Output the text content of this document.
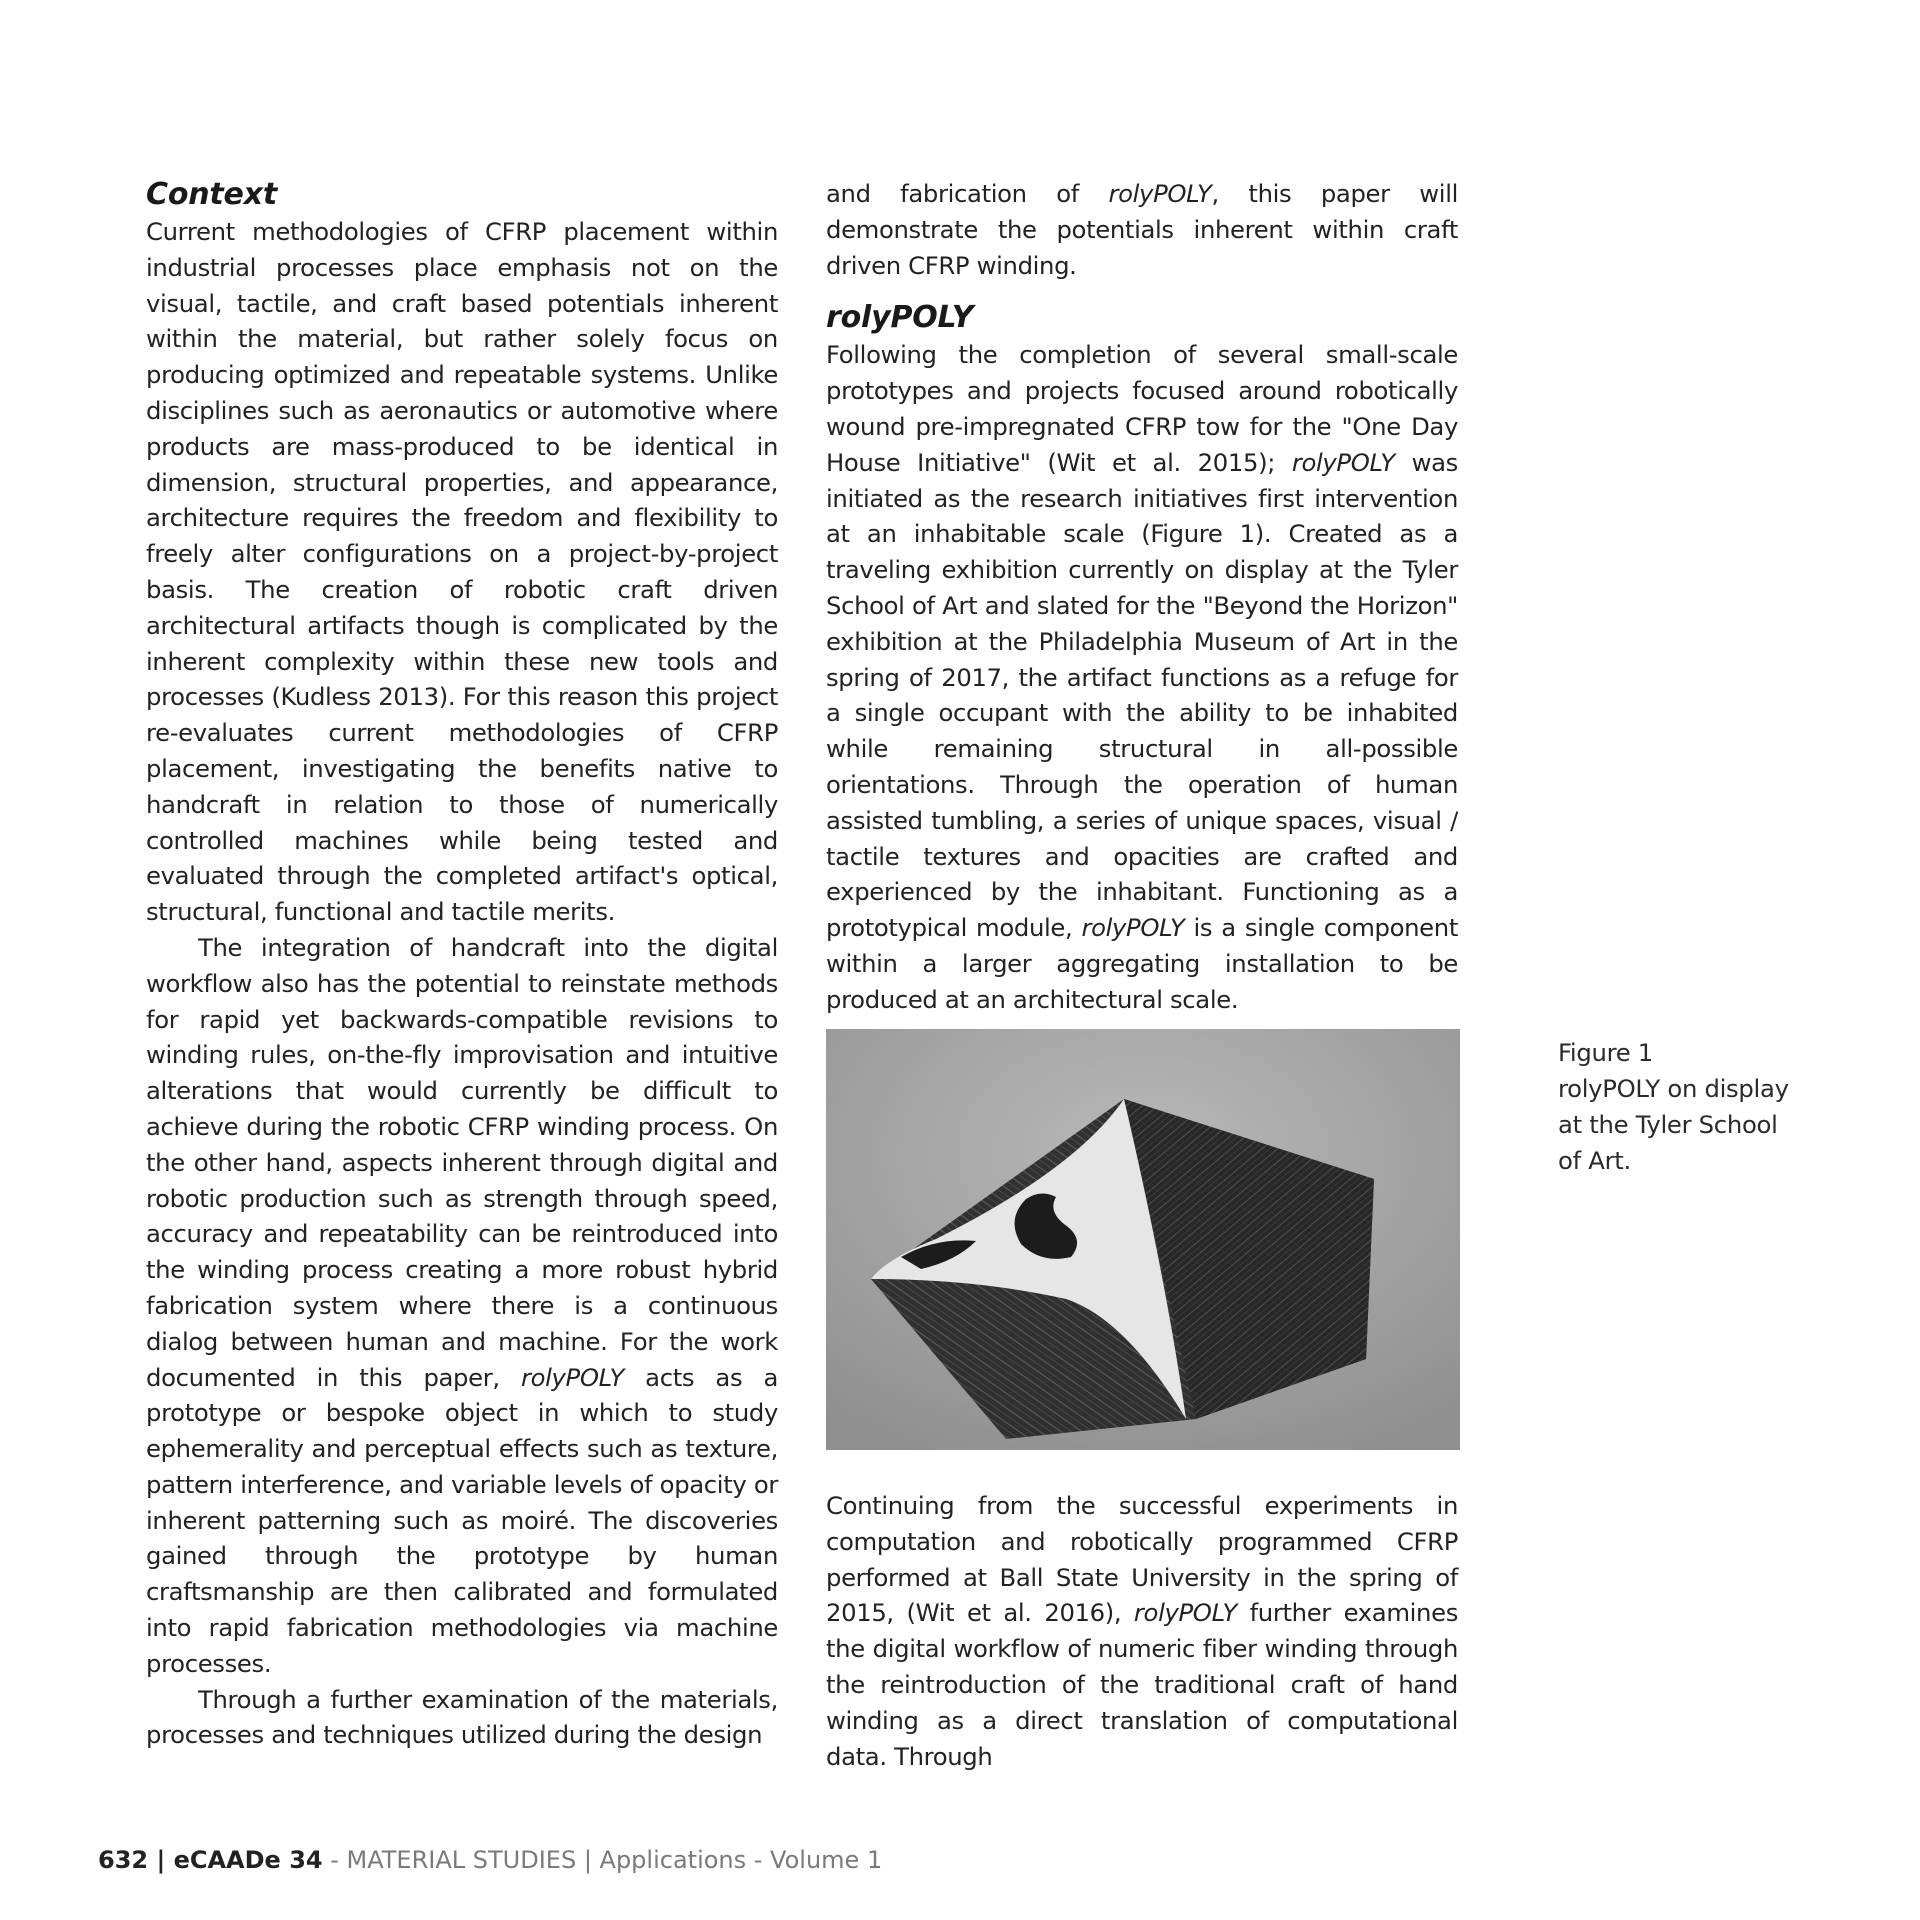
Context

Current methodologies of CFRP placement within industrial processes place emphasis not on the visual, tactile, and craft based potentials inherent within the material, but rather solely focus on producing optimized and repeatable systems. Unlike disciplines such as aeronautics or automotive where products are mass-produced to be identical in dimension, structural properties, and appearance, architecture requires the freedom and flexibility to freely alter configurations on a project-by-project basis. The creation of robotic craft driven architectural artifacts though is complicated by the inherent complexity within these new tools and processes (Kudless 2013). For this reason this project re-evaluates current methodologies of CFRP placement, investigating the benefits native to handcraft in relation to those of numerically controlled machines while being tested and evaluated through the completed artifact's optical, structural, functional and tactile merits.

The integration of handcraft into the digital workflow also has the potential to reinstate methods for rapid yet backwards-compatible revisions to winding rules, on-the-fly improvisation and intuitive alterations that would currently be difficult to achieve during the robotic CFRP winding process. On the other hand, aspects inherent through digital and robotic production such as strength through speed, accuracy and repeatability can be reintroduced into the winding process creating a more robust hybrid fabrication system where there is a continuous dialog between human and machine. For the work documented in this paper, rolyPOLY acts as a prototype or bespoke object in which to study ephemerality and perceptual effects such as texture, pattern interference, and variable levels of opacity or inherent patterning such as moiré. The discoveries gained through the prototype by human craftsmanship are then calibrated and formulated into rapid fabrication methodologies via machine processes.

Through a further examination of the materials, processes and techniques utilized during the design

and fabrication of rolyPOLY, this paper will demonstrate the potentials inherent within craft driven CFRP winding.

rolyPOLY

Following the completion of several small-scale prototypes and projects focused around robotically wound pre-impregnated CFRP tow for the "One Day House Initiative" (Wit et al. 2015); rolyPOLY was initiated as the research initiatives first intervention at an inhabitable scale (Figure 1). Created as a traveling exhibition currently on display at the Tyler School of Art and slated for the "Beyond the Horizon" exhibition at the Philadelphia Museum of Art in the spring of 2017, the artifact functions as a refuge for a single occupant with the ability to be inhabited while remaining structural in all-possible orientations. Through the operation of human assisted tumbling, a series of unique spaces, visual / tactile textures and opacities are crafted and experienced by the inhabitant. Functioning as a prototypical module, rolyPOLY is a single component within a larger aggregating installation to be produced at an architectural scale.

Continuing from the successful experiments in computation and robotically programmed CFRP performed at Ball State University in the spring of 2015, (Wit et al. 2016), rolyPOLY further examines the digital workflow of numeric fiber winding through the reintroduction of the traditional craft of hand winding as a direct translation of computational data. Through

Figure 1
rolyPOLY on display
at the Tyler School
of Art.
632 | eCAADe 34 - MATERIAL STUDIES | Applications - Volume 1
